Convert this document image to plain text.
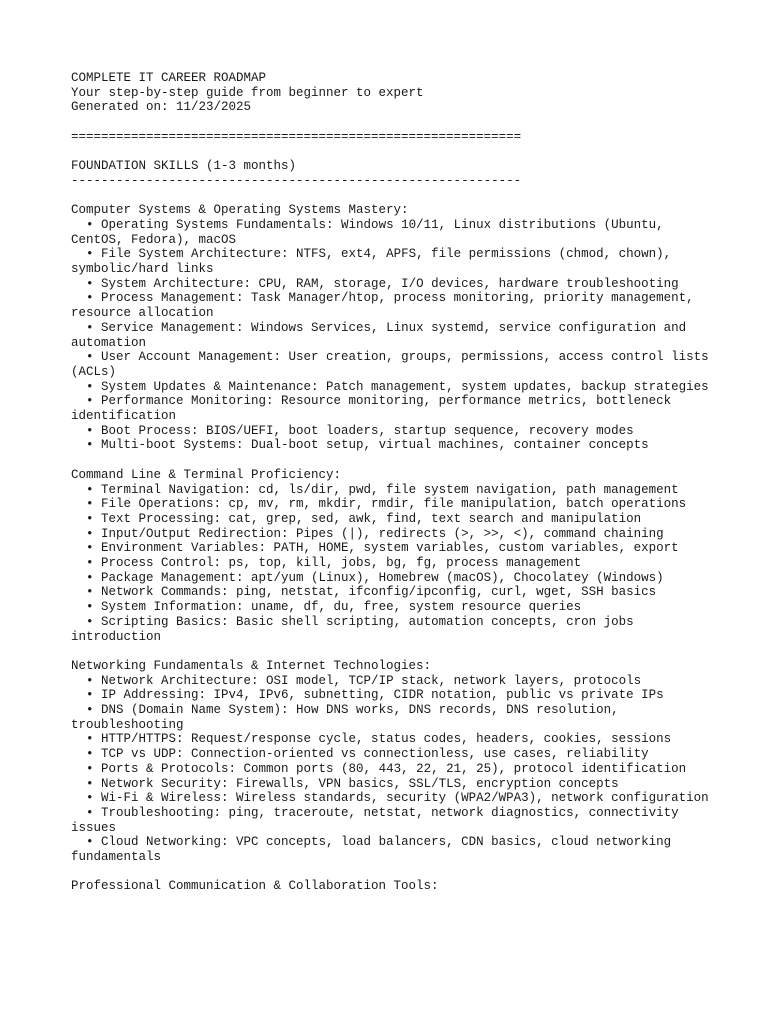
COMPLETE IT CAREER ROADMAP
Your step-by-step guide from beginner to expert
Generated on: 11/23/2025
============================================================
FOUNDATION SKILLS (1-3 months)
------------------------------------------------------------
Computer Systems & Operating Systems Mastery:
• Operating Systems Fundamentals: Windows 10/11, Linux distributions (Ubuntu, CentOS, Fedora), macOS
• File System Architecture: NTFS, ext4, APFS, file permissions (chmod, chown), symbolic/hard links
• System Architecture: CPU, RAM, storage, I/O devices, hardware troubleshooting
• Process Management: Task Manager/htop, process monitoring, priority management, resource allocation
• Service Management: Windows Services, Linux systemd, service configuration and automation
• User Account Management: User creation, groups, permissions, access control lists (ACLs)
• System Updates & Maintenance: Patch management, system updates, backup strategies
• Performance Monitoring: Resource monitoring, performance metrics, bottleneck identification
• Boot Process: BIOS/UEFI, boot loaders, startup sequence, recovery modes
• Multi-boot Systems: Dual-boot setup, virtual machines, container concepts
Command Line & Terminal Proficiency:
• Terminal Navigation: cd, ls/dir, pwd, file system navigation, path management
• File Operations: cp, mv, rm, mkdir, rmdir, file manipulation, batch operations
• Text Processing: cat, grep, sed, awk, find, text search and manipulation
• Input/Output Redirection: Pipes (|), redirects (>, >>, <), command chaining
• Environment Variables: PATH, HOME, system variables, custom variables, export
• Process Control: ps, top, kill, jobs, bg, fg, process management
• Package Management: apt/yum (Linux), Homebrew (macOS), Chocolatey (Windows)
• Network Commands: ping, netstat, ifconfig/ipconfig, curl, wget, SSH basics
• System Information: uname, df, du, free, system resource queries
• Scripting Basics: Basic shell scripting, automation concepts, cron jobs introduction
Networking Fundamentals & Internet Technologies:
• Network Architecture: OSI model, TCP/IP stack, network layers, protocols
• IP Addressing: IPv4, IPv6, subnetting, CIDR notation, public vs private IPs
• DNS (Domain Name System): How DNS works, DNS records, DNS resolution, troubleshooting
• HTTP/HTTPS: Request/response cycle, status codes, headers, cookies, sessions
• TCP vs UDP: Connection-oriented vs connectionless, use cases, reliability
• Ports & Protocols: Common ports (80, 443, 22, 21, 25), protocol identification
• Network Security: Firewalls, VPN basics, SSL/TLS, encryption concepts
• Wi-Fi & Wireless: Wireless standards, security (WPA2/WPA3), network configuration
• Troubleshooting: ping, traceroute, netstat, network diagnostics, connectivity issues
• Cloud Networking: VPC concepts, load balancers, CDN basics, cloud networking fundamentals
Professional Communication & Collaboration Tools:
